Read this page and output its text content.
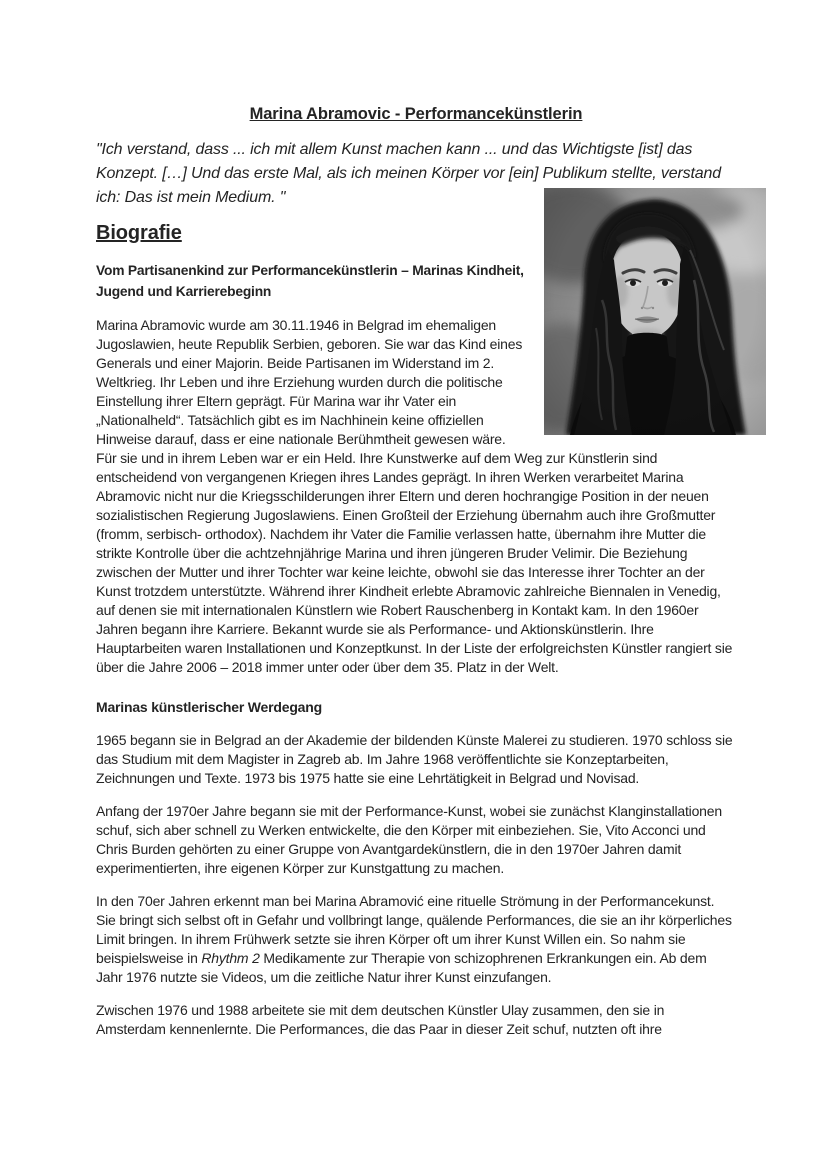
Marina Abramovic - Performancekünstlerin

"Ich verstand, dass ... ich mit allem Kunst machen kann ... und das Wichtigste [ist] das Konzept. […] Und das erste Mal, als ich meinen Körper vor [ein] Publikum stellte, verstand ich: Das ist mein Medium. "

Biografie
Vom Partisanenkind zur Performancekünstlerin – Marinas Kindheit, Jugend und Karrierebeginn

Marina Abramovic wurde am 30.11.1946 in Belgrad im ehemaligen Jugoslawien, heute Republik Serbien, geboren. Sie war das Kind eines Generals und einer Majorin. Beide Partisanen im Widerstand im 2. Weltkrieg. Ihr Leben und ihre Erziehung wurden durch die politische Einstellung ihrer Eltern geprägt. Für Marina war ihr Vater ein „Nationalheld“. Tatsächlich gibt es im Nachhinein keine offiziellen Hinweise darauf, dass er eine nationale Berühmtheit gewesen wäre. Für sie und in ihrem Leben war er ein Held. Ihre Kunstwerke auf dem Weg zur Künstlerin sind entscheidend von vergangenen Kriegen ihres Landes geprägt. In ihren Werken verarbeitet Marina Abramovic nicht nur die Kriegsschilderungen ihrer Eltern und deren hochrangige Position in der neuen sozialistischen Regierung Jugoslawiens. Einen Großteil der Erziehung übernahm auch ihre Großmutter (fromm, serbisch- orthodox). Nachdem ihr Vater die Familie verlassen hatte, übernahm ihre Mutter die strikte Kontrolle über die achtzehnjährige Marina und ihren jüngeren Bruder Velimir. Die Beziehung zwischen der Mutter und ihrer Tochter war keine leichte, obwohl sie das Interesse ihrer Tochter an der Kunst trotzdem unterstützte. Während ihrer Kindheit erlebte Abramovic zahlreiche Biennalen in Venedig, auf denen sie mit internationalen Künstlern wie Robert Rauschenberg in Kontakt kam. In den 1960er Jahren begann ihre Karriere. Bekannt wurde sie als Performance- und Aktionskünstlerin. Ihre Hauptarbeiten waren Installationen und Konzeptkunst. In der Liste der erfolgreichsten Künstler rangiert sie über die Jahre 2006 – 2018 immer unter oder über dem 35. Platz in der Welt.

Marinas künstlerischer Werdegang

1965 begann sie in Belgrad an der Akademie der bildenden Künste Malerei zu studieren. 1970 schloss sie das Studium mit dem Magister in Zagreb ab. Im Jahre 1968 veröffentlichte sie Konzeptarbeiten, Zeichnungen und Texte. 1973 bis 1975 hatte sie eine Lehrtätigkeit in Belgrad und Novisad.

Anfang der 1970er Jahre begann sie mit der Performance-Kunst, wobei sie zunächst Klanginstallationen schuf, sich aber schnell zu Werken entwickelte, die den Körper mit einbeziehen. Sie, Vito Acconci und Chris Burden gehörten zu einer Gruppe von Avantgardekünstlern, die in den 1970er Jahren damit experimentierten, ihre eigenen Körper zur Kunstgattung zu machen.

In den 70er Jahren erkennt man bei Marina Abramović eine rituelle Strömung in der Performancekunst. Sie bringt sich selbst oft in Gefahr und vollbringt lange, quälende Performances, die sie an ihr körperliches Limit bringen. In ihrem Frühwerk setzte sie ihren Körper oft um ihrer Kunst Willen ein. So nahm sie beispielsweise in Rhythm 2 Medikamente zur Therapie von schizophrenen Erkrankungen ein. Ab dem Jahr 1976 nutzte sie Videos, um die zeitliche Natur ihrer Kunst einzufangen.

Zwischen 1976 und 1988 arbeitete sie mit dem deutschen Künstler Ulay zusammen, den sie in Amsterdam kennenlernte. Die Performances, die das Paar in dieser Zeit schuf, nutzten oft ihre
